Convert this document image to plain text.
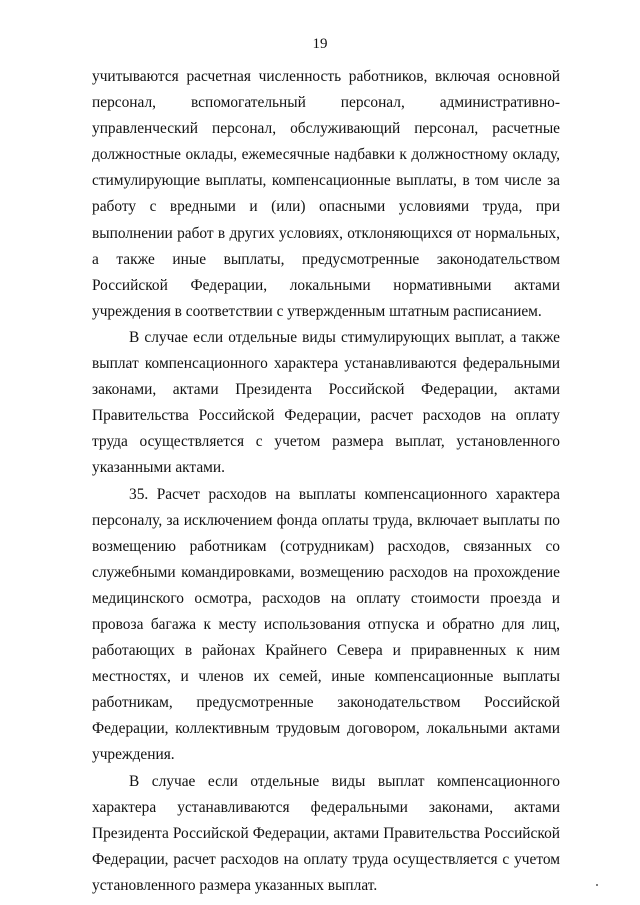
19

учитываются расчетная численность работников, включая основной персонал, вспомогательный персонал, административно-управленческий персонал, обслуживающий персонал, расчетные должностные оклады, ежемесячные надбавки к должностному окладу, стимулирующие выплаты, компенсационные выплаты, в том числе за работу с вредными и (или) опасными условиями труда, при выполнении работ в других условиях, отклоняющихся от нормальных, а также иные выплаты, предусмотренные законодательством Российской Федерации, локальными нормативными актами учреждения в соответствии с утвержденным штатным расписанием.

В случае если отдельные виды стимулирующих выплат, а также выплат компенсационного характера устанавливаются федеральными законами, актами Президента Российской Федерации, актами Правительства Российской Федерации, расчет расходов на оплату труда осуществляется с учетом размера выплат, установленного указанными актами.

35. Расчет расходов на выплаты компенсационного характера персоналу, за исключением фонда оплаты труда, включает выплаты по возмещению работникам (сотрудникам) расходов, связанных со служебными командировками, возмещению расходов на прохождение медицинского осмотра, расходов на оплату стоимости проезда и провоза багажа к месту использования отпуска и обратно для лиц, работающих в районах Крайнего Севера и приравненных к ним местностях, и членов их семей, иные компенсационные выплаты работникам, предусмотренные законодательством Российской Федерации, коллективным трудовым договором, локальными актами учреждения.

В случае если отдельные виды выплат компенсационного характера устанавливаются федеральными законами, актами Президента Российской Федерации, актами Правительства Российской Федерации, расчет расходов на оплату труда осуществляется с учетом установленного размера указанных выплат.
